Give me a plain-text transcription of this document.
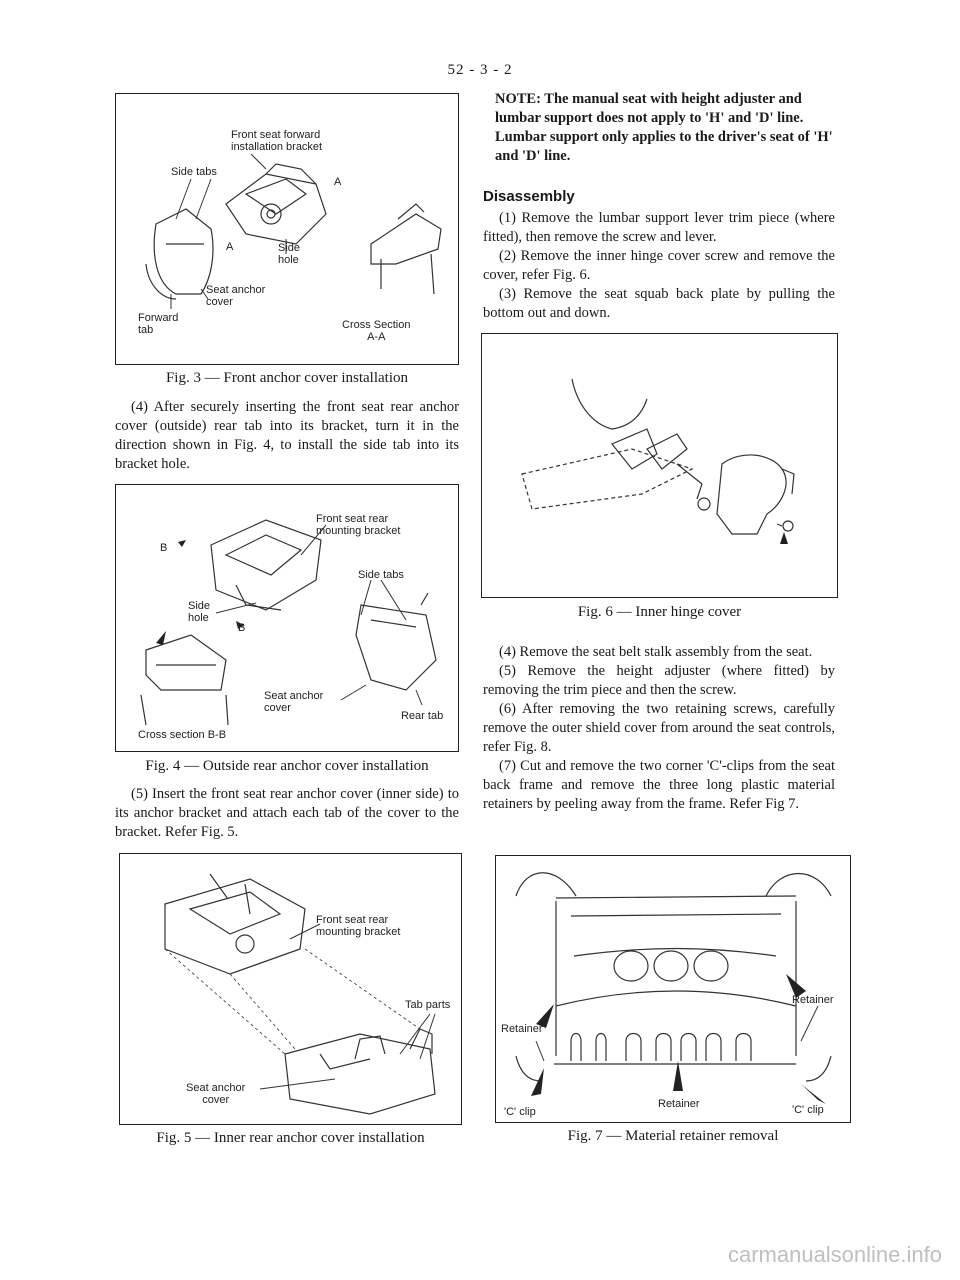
52 - 3 - 2
Front seat forward
installation bracket
Side tabs
A
A	Side
hole
Seat anchor
cover
Forward
tab	Cross Section
A-A
Fig. 3 — Front anchor cover installation

(4) After securely inserting the front seat rear anchor cover (outside) rear tab into its bracket, turn it in the direction shown in Fig. 4, to install the side tab into its bracket hole.

Front seat rear
mounting bracket
B
B
Side tabs
Side
hole
Seat anchor
cover
Rear tab
Cross section B-B
Fig. 4 — Outside rear anchor cover installation

(5) Insert the front seat rear anchor cover (inner side) to its anchor bracket and attach each tab of the cover to the bracket. Refer Fig. 5.

Front seat rear
mounting bracket
Tab parts
Seat anchor
cover
Fig. 5 — Inner rear anchor cover installation
NOTE: The manual seat with height adjuster and lumbar support does not apply to 'H' and 'D' line. Lumbar support only applies to the driver's seat of 'H' and 'D' line.
Disassembly

(1) Remove the lumbar support lever trim piece (where fitted), then remove the screw and lever.

(2) Remove the inner hinge cover screw and remove the cover, refer Fig. 6.

(3) Remove the seat squab back plate by pulling the bottom out and down.

Fig. 6 — Inner hinge cover

(4) Remove the seat belt stalk assembly from the seat.

(5) Remove the height adjuster (where fitted) by removing the trim piece and then the screw.

(6) After removing the two retaining screws, carefully remove the outer shield cover from around the seat controls, refer Fig. 8.

(7) Cut and remove the two corner 'C'-clips from the seat back frame and remove the three long plastic material retainers by peeling away from the frame. Refer Fig 7.

Retainer
Retainer
Retainer
'C' clip	'C' clip
Fig. 7 — Material retainer removal
carmanualsonline.info
